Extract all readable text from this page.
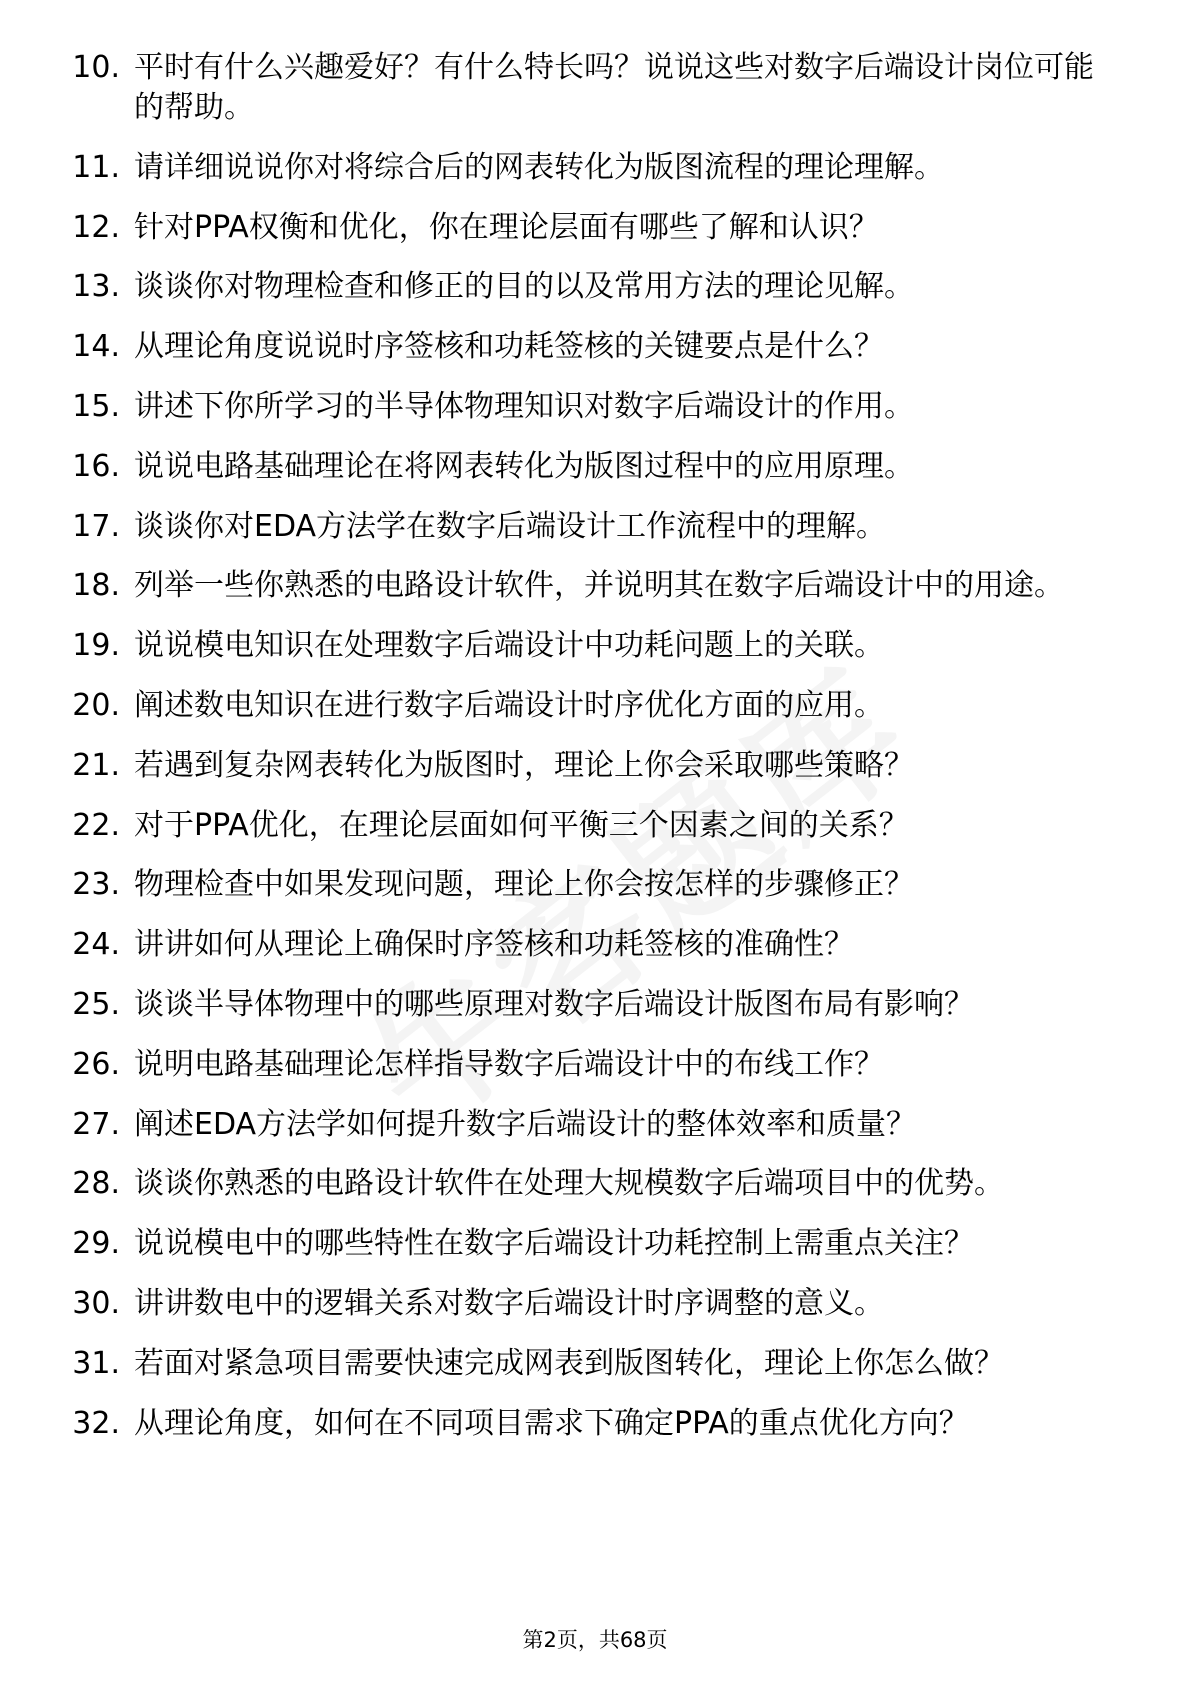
10. 平时有什么兴趣爱好？有什么特长吗？说说这些对数字后端设计岗位可能的帮助。
11. 请详细说说你对将综合后的网表转化为版图流程的理论理解。
12. 针对PPA权衡和优化，你在理论层面有哪些了解和认识？
13. 谈谈你对物理检查和修正的目的以及常用方法的理论见解。
14. 从理论角度说说时序签核和功耗签核的关键要点是什么？
15. 讲述下你所学习的半导体物理知识对数字后端设计的作用。
16. 说说电路基础理论在将网表转化为版图过程中的应用原理。
17. 谈谈你对EDA方法学在数字后端设计工作流程中的理解。
18. 列举一些你熟悉的电路设计软件，并说明其在数字后端设计中的用途。
19. 说说模电知识在处理数字后端设计中功耗问题上的关联。
20. 阐述数电知识在进行数字后端设计时序优化方面的应用。
21. 若遇到复杂网表转化为版图时，理论上你会采取哪些策略？
22. 对于PPA优化，在理论层面如何平衡三个因素之间的关系？
23. 物理检查中如果发现问题，理论上你会按怎样的步骤修正？
24. 讲讲如何从理论上确保时序签核和功耗签核的准确性？
25. 谈谈半导体物理中的哪些原理对数字后端设计版图布局有影响？
26. 说明电路基础理论怎样指导数字后端设计中的布线工作？
27. 阐述EDA方法学如何提升数字后端设计的整体效率和质量？
28. 谈谈你熟悉的电路设计软件在处理大规模数字后端项目中的优势。
29. 说说模电中的哪些特性在数字后端设计功耗控制上需重点关注？
30. 讲讲数电中的逻辑关系对数字后端设计时序调整的意义。
31. 若面对紧急项目需要快速完成网表到版图转化，理论上你怎么做？
32. 从理论角度，如何在不同项目需求下确定PPA的重点优化方向？
第2页，共68页
